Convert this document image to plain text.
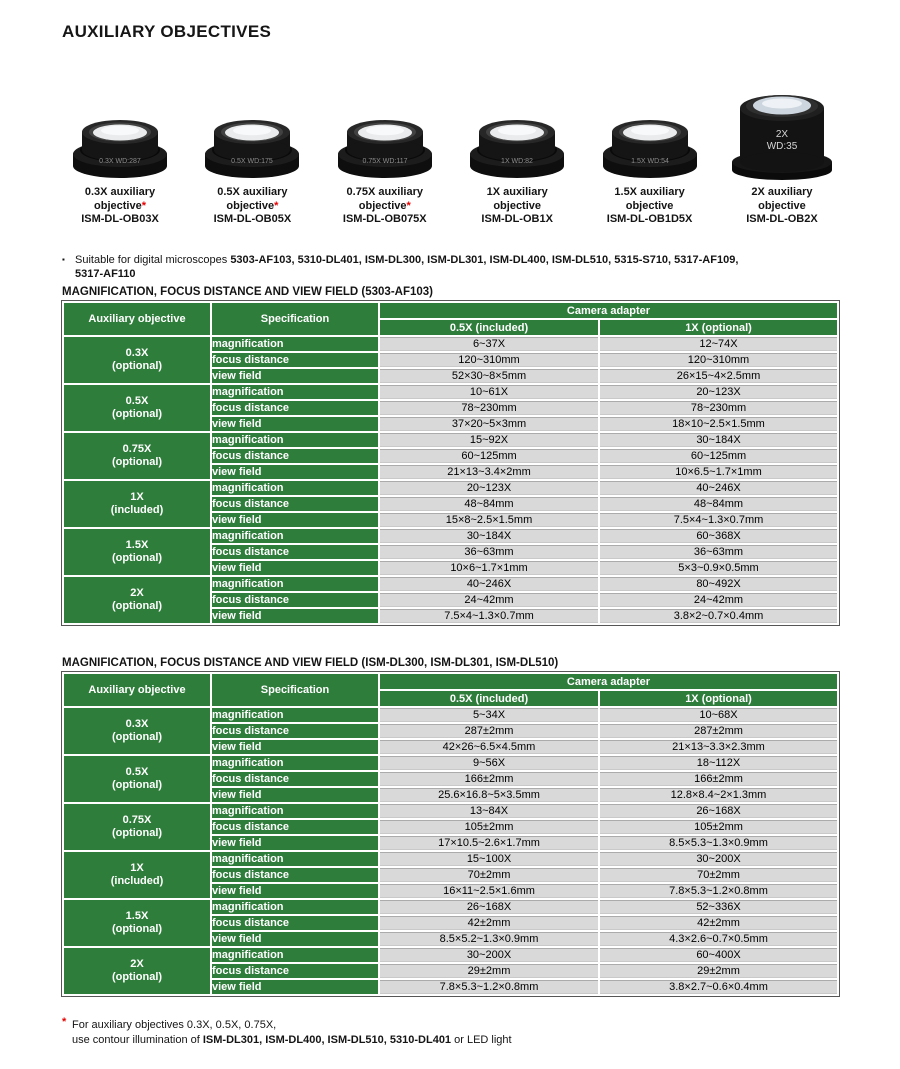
AUXILIARY OBJECTIVES
0.3X WD:287
0.3X auxiliary
objective*
ISM-DL-OB03X
0.5X WD:175
0.5X auxiliary
objective*
ISM-DL-OB05X
0.75X WD:117
0.75X auxiliary
objective*
ISM-DL-OB075X
1X WD:82
1X auxiliary
objective
ISM-DL-OB1X
1.5X WD:54
1.5X auxiliary
objective
ISM-DL-OB1D5X
2X
WD:35
2X auxiliary
objective
ISM-DL-OB2X
▪ Suitable for digital microscopes 5303-AF103, 5310-DL401, ISM-DL300, ISM-DL301, ISM-DL400, ISM-DL510, 5315-S710, 5317-AF109, 5317-AF110
MAGNIFICATION, FOCUS DISTANCE AND VIEW FIELD (5303-AF103)
Auxiliary objective	Specification	Camera adapter	
		0.5X (included)	1X (optional)

0.3X
(optional)	magnification	6~37X	12~74X
	focus distance	120~310mm	120~310mm
	view field	52×30~8×5mm	26×15~4×2.5mm

0.5X
(optional)	magnification	10~61X	20~123X
	focus distance	78~230mm	78~230mm
	view field	37×20~5×3mm	18×10~2.5×1.5mm

0.75X
(optional)	magnification	15~92X	30~184X
	focus distance	60~125mm	60~125mm
	view field	21×13~3.4×2mm	10×6.5~1.7×1mm

1X
(included)	magnification	20~123X	40~246X
	focus distance	48~84mm	48~84mm
	view field	15×8~2.5×1.5mm	7.5×4~1.3×0.7mm

1.5X
(optional)	magnification	30~184X	60~368X
	focus distance	36~63mm	36~63mm
	view field	10×6~1.7×1mm	5×3~0.9×0.5mm

2X
(optional)	magnification	40~246X	80~492X
	focus distance	24~42mm	24~42mm
	view field	7.5×4~1.3×0.7mm	3.8×2~0.7×0.4mm
MAGNIFICATION, FOCUS DISTANCE AND VIEW FIELD (ISM-DL300, ISM-DL301, ISM-DL510)
Auxiliary objective	Specification	Camera adapter	
		0.5X (included)	1X (optional)

0.3X
(optional)	magnification	5~34X	10~68X
	focus distance	287±2mm	287±2mm
	view field	42×26~6.5×4.5mm	21×13~3.3×2.3mm

0.5X
(optional)	magnification	9~56X	18~112X
	focus distance	166±2mm	166±2mm
	view field	25.6×16.8~5×3.5mm	12.8×8.4~2×1.3mm

0.75X
(optional)	magnification	13~84X	26~168X
	focus distance	105±2mm	105±2mm
	view field	17×10.5~2.6×1.7mm	8.5×5.3~1.3×0.9mm

1X
(included)	magnification	15~100X	30~200X
	focus distance	70±2mm	70±2mm
	view field	16×11~2.5×1.6mm	7.8×5.3~1.2×0.8mm

1.5X
(optional)	magnification	26~168X	52~336X
	focus distance	42±2mm	42±2mm
	view field	8.5×5.2~1.3×0.9mm	4.3×2.6~0.7×0.5mm

2X
(optional)	magnification	30~200X	60~400X
	focus distance	29±2mm	29±2mm
	view field	7.8×5.3~1.2×0.8mm	3.8×2.7~0.6×0.4mm
* For auxiliary objectives 0.3X, 0.5X, 0.75X,
use contour illumination of ISM-DL301, ISM-DL400, ISM-DL510, 5310-DL401 or LED light
